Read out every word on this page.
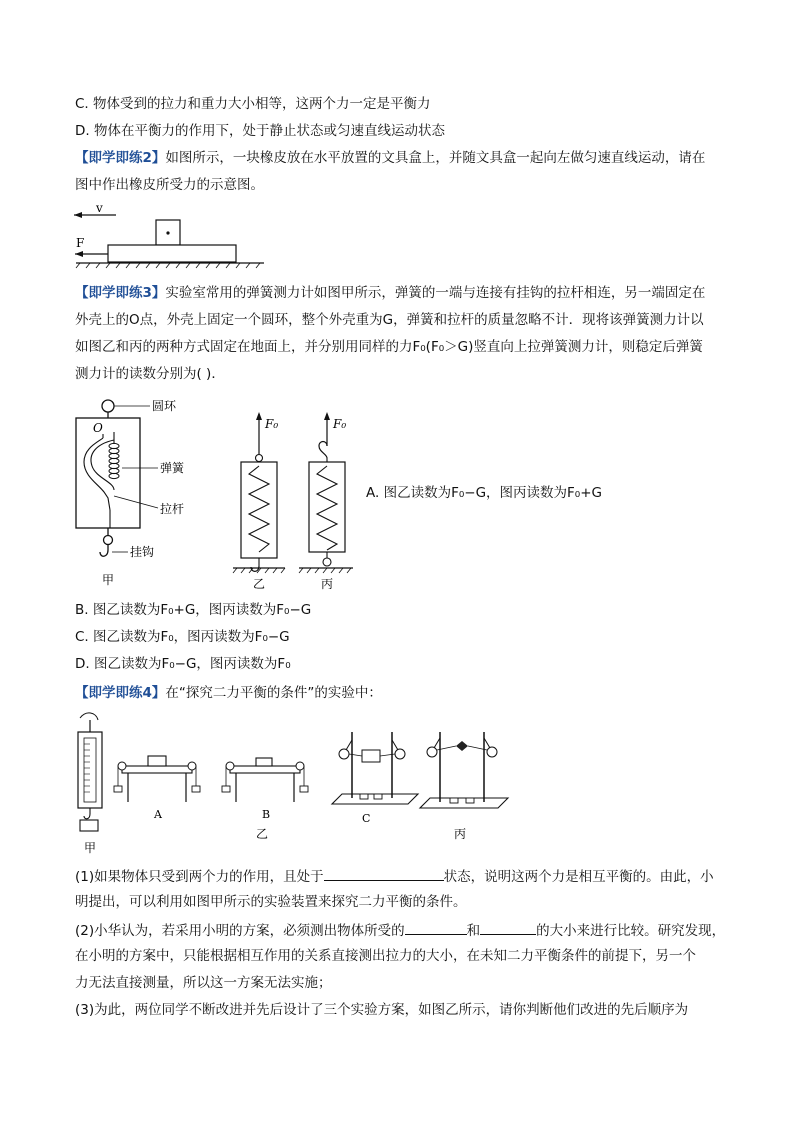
C. 物体受到的拉力和重力大小相等，这两个力一定是平衡力
D. 物体在平衡力的作用下，处于静止状态或匀速直线运动状态
【即学即练2】如图所示，一块橡皮放在水平放置的文具盒上，并随文具盒一起向左做匀速直线运动，请在
图中作出橡皮所受力的示意图。
v
F
【即学即练3】实验室常用的弹簧测力计如图甲所示，弹簧的一端与连接有挂钩的拉杆相连，另一端固定在
外壳上的O点，外壳上固定一个圆环，整个外壳重为G，弹簧和拉杆的质量忽略不计．现将该弹簧测力计以
如图乙和丙的两种方式固定在地面上，并分别用同样的力F₀(F₀＞G)竖直向上拉弹簧测力计，则稳定后弹簧
测力计的读数分别为( )．
圆环
O
弹簧
拉杆
挂钩
甲
F₀
乙
F₀
丙
A. 图乙读数为F₀−G，图丙读数为F₀+G
B. 图乙读数为F₀+G，图丙读数为F₀−G
C. 图乙读数为F₀，图丙读数为F₀−G
D. 图乙读数为F₀−G，图丙读数为F₀
【即学即练4】在“探究二力平衡的条件”的实验中：
甲
A	B
乙
C
丙
(1)如果物体只受到两个力的作用，且处于	状态，说明这两个力是相互平衡的。由此，小
明提出，可以利用如图甲所示的实验装置来探究二力平衡的条件。
(2)小华认为，若采用小明的方案，必须测出物体所受的	和	的大小来进行比较。研究发现，
在小明的方案中，只能根据相互作用的关系直接测出拉力的大小，在未知二力平衡条件的前提下，另一个
力无法直接测量，所以这一方案无法实施；
(3)为此，两位同学不断改进并先后设计了三个实验方案，如图乙所示，请你判断他们改进的先后顺序为
